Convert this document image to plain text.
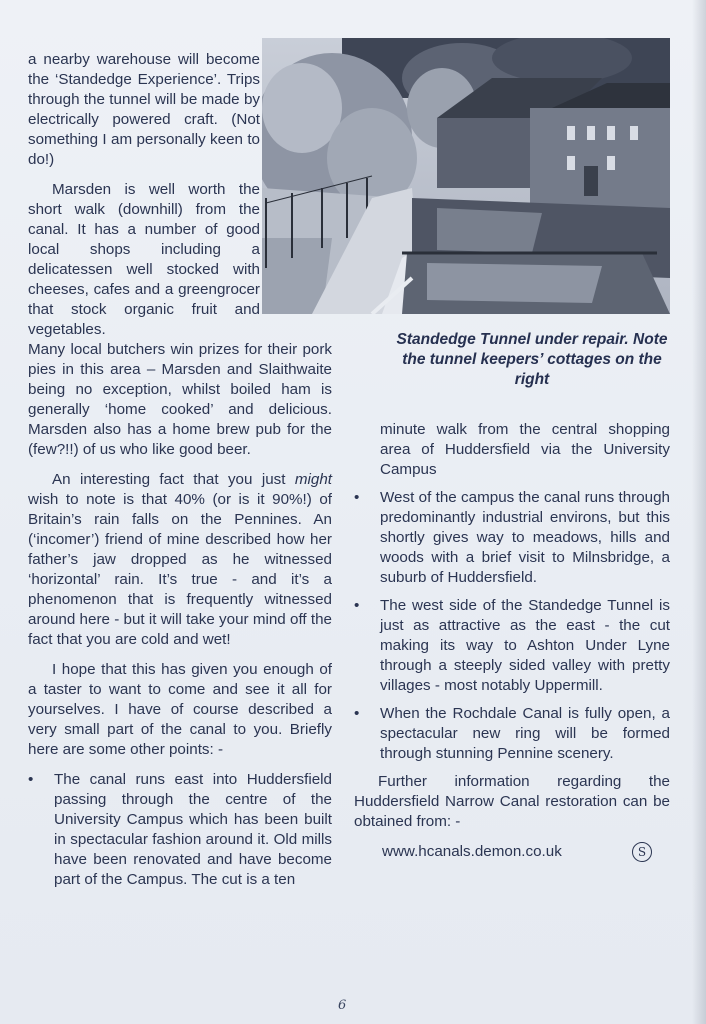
Standedge Tunnel under repair. Note the tunnel keepers’ cottages on the right

a nearby warehouse will become the ‘Standedge Experience’. Trips through the tunnel will be made by electrically powered craft. (Not something I am personally keen to do!)

Marsden is well worth the short walk (downhill) from the canal. It has a number of good local shops including a delicatessen well stocked with cheeses, cafes and a greengrocer that stock organic fruit and vegetables.

Many local butchers win prizes for their pork pies in this area – Marsden and Slaithwaite being no exception, whilst boiled ham is generally ‘home cooked’ and delicious. Marsden also has a home brew pub for the (few?!!) of us who like good beer.

An interesting fact that you just might wish to note is that 40% (or is it 90%!) of Britain’s rain falls on the Pennines. An (‘incomer’) friend of mine described how her father’s jaw dropped as he witnessed ‘horizontal’ rain. It’s true - and it’s a phenomenon that is frequently witnessed around here - but it will take your mind off the fact that you are cold and wet!

I hope that this has given you enough of a taster to want to come and see it all for yourselves. I have of course described a very small part of the canal to you. Briefly here are some other points: -

• The canal runs east into Huddersfield passing through the centre of the University Campus which has been built in spectacular fashion around it. Old mills have been renovated and have become part of the Campus. The cut is a ten
minute walk from the central shopping area of Huddersfield via the University Campus
• West of the campus the canal runs through predominantly industrial environs, but this shortly gives way to meadows, hills and woods with a brief visit to Milnsbridge, a suburb of Huddersfield.
• The west side of the Standedge Tunnel is just as attractive as the east - the cut making its way to Ashton Under Lyne through a steeply sided valley with pretty villages - most notably Uppermill.
• When the Rochdale Canal is fully open, a spectacular new ring will be formed through stunning Pennine scenery.

Further information regarding the Huddersfield Narrow Canal restoration can be obtained from: -

www.hcanals.demon.co.uk	S
6
